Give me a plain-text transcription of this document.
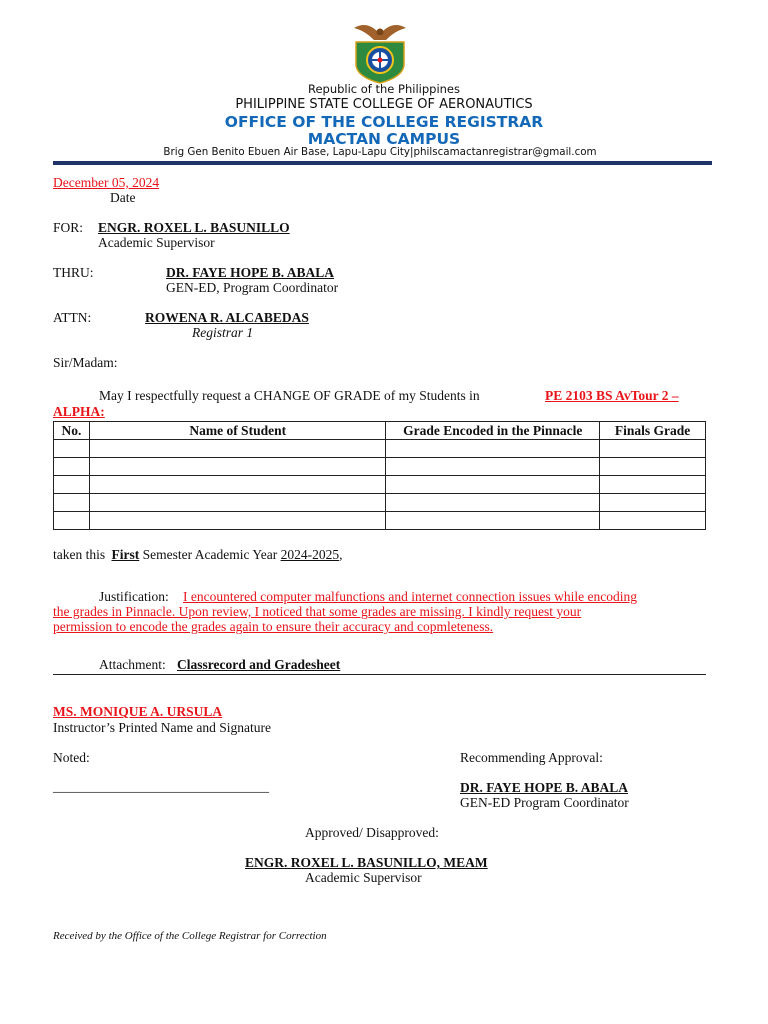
Republic of the Philippines
PHILIPPINE STATE COLLEGE OF AERONAUTICS
OFFICE OF THE COLLEGE REGISTRAR
MACTAN CAMPUS
Brig Gen Benito Ebuen Air Base, Lapu-Lapu City|philscamactanregistrar@gmail.com
December 05, 2024
Date
FOR: ENGR. ROXEL L. BASUNILLO
Academic Supervisor
THRU:	DR. FAYE HOPE B. ABALA
GEN-ED, Program Coordinator
ATTN:	ROWENA R. ALCABEDAS
Registrar 1
Sir/Madam:
May I respectfully request a CHANGE OF GRADE of my Students in	PE 2103 BS AvTour 2 –
ALPHA:
No.	Name of Student	Grade Encoded in the Pinnacle	Finals Grade

taken this First Semester Academic Year 2024-2025,
Justification: I encountered computer malfunctions and internet connection issues while encoding
the grades in Pinnacle. Upon review, I noticed that some grades are missing. I kindly request your
permission to encode the grades again to ensure their accuracy and copmleteness.
Attachment: Classrecord and Gradesheet
MS. MONIQUE A. URSULA
Instructor’s Printed Name and Signature
Noted:
________________________________
Recommending Approval:
DR. FAYE HOPE B. ABALA
GEN-ED Program Coordinator
Approved/ Disapproved:
ENGR. ROXEL L. BASUNILLO, MEAM
Academic Supervisor
Received by the Office of the College Registrar for Correction
